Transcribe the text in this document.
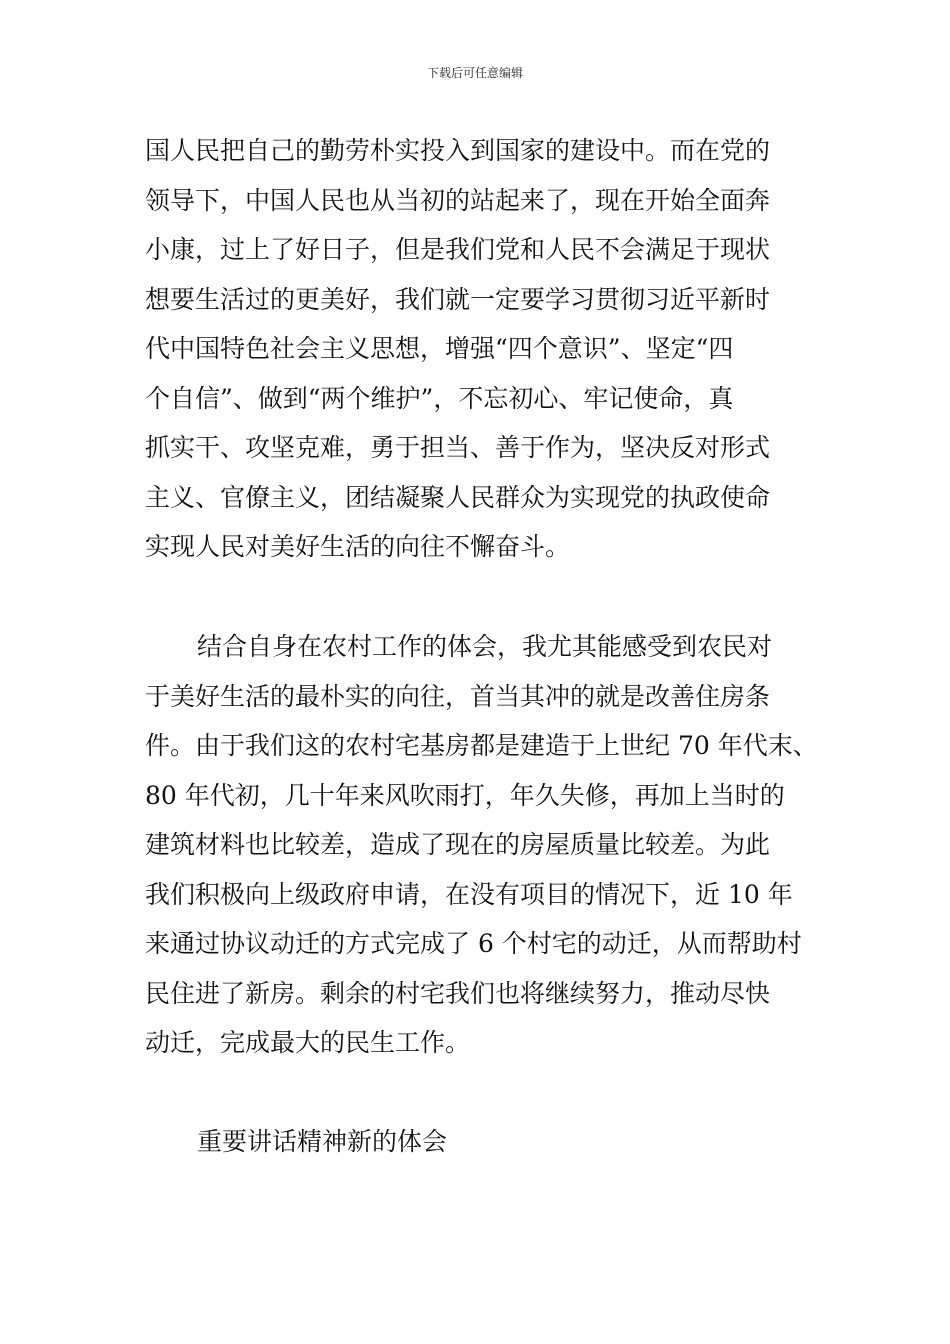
下载后可任意编辑
国人民把自己的勤劳朴实投入到国家的建设中。而在党的
领导下，中国人民也从当初的站起来了，现在开始全面奔
小康，过上了好日子，但是我们党和人民不会满足于现状
想要生活过的更美好，我们就一定要学习贯彻习近平新时
代中国特色社会主义思想，增强“四个意识”、坚定“四
个自信”、做到“两个维护”，不忘初心、牢记使命，真
抓实干、攻坚克难，勇于担当、善于作为，坚决反对形式
主义、官僚主义，团结凝聚人民群众为实现党的执政使命
实现人民对美好生活的向往不懈奋斗。
结合自身在农村工作的体会，我尤其能感受到农民对
于美好生活的最朴实的向往，首当其冲的就是改善住房条
件。由于我们这的农村宅基房都是建造于上世纪 70 年代末、
80 年代初，几十年来风吹雨打，年久失修，再加上当时的
建筑材料也比较差，造成了现在的房屋质量比较差。为此
我们积极向上级政府申请，在没有项目的情况下，近 10 年
来通过协议动迁的方式完成了 6 个村宅的动迁，从而帮助村
民住进了新房。剩余的村宅我们也将继续努力，推动尽快
动迁，完成最大的民生工作。
重要讲话精神新的体会
